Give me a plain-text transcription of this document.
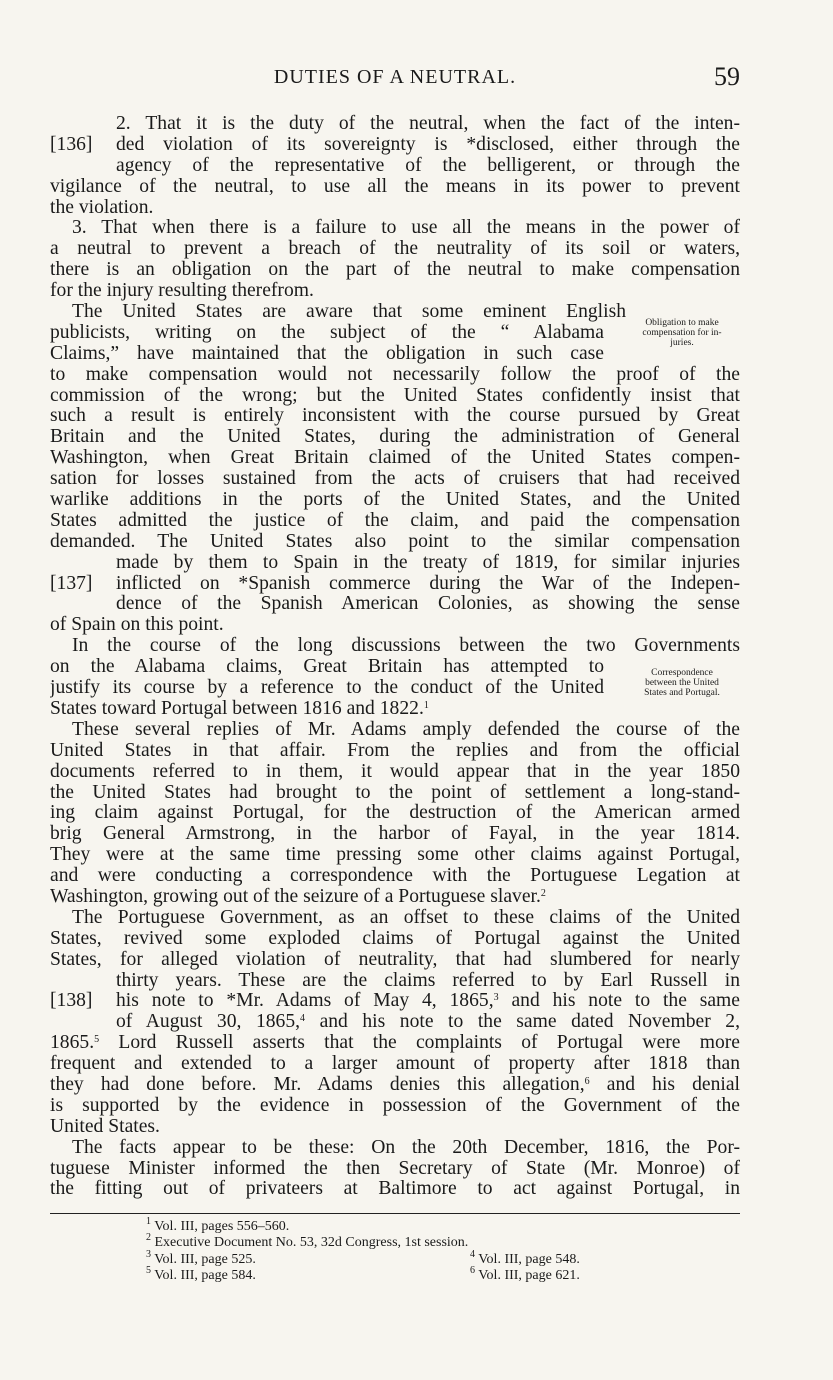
DUTIES OF A NEUTRAL.	59
2. That it is the duty of the neutral, when the fact of the inten-
[136]	ded violation of its sovereignty is *disclosed, either through the
agency of the representative of the belligerent, or through the
vigilance of the neutral, to use all the means in its power to prevent
the violation.
3. That when there is a failure to use all the means in the power of
a neutral to prevent a breach of the neutrality of its soil or waters,
there is an obligation on the part of the neutral to make compensation
for the injury resulting therefrom.
The United States are aware that some eminent English
publicists, writing on the subject of the “ Alabama
Claims,” have maintained that the obligation in such case
to make compensation would not necessarily follow the proof of the
commission of the wrong; but the United States confidently insist that
such a result is entirely inconsistent with the course pursued by Great
Britain and the United States, during the administration of General
Washington, when Great Britain claimed of the United States compen-
sation for losses sustained from the acts of cruisers that had received
warlike additions in the ports of the United States, and the United
States admitted the justice of the claim, and paid the compensation
demanded. The United States also point to the similar compensation
made by them to Spain in the treaty of 1819, for similar injuries
[137]	inflicted on *Spanish commerce during the War of the Indepen-
dence of the Spanish American Colonies, as showing the sense
of Spain on this point.
In the course of the long discussions between the two Governments
on the Alabama claims, Great Britain has attempted to
justify its course by a reference to the conduct of the United
States toward Portugal between 1816 and 1822.$^1$
These several replies of Mr. Adams amply defended the course of the
United States in that affair. From the replies and from the official
documents referred to in them, it would appear that in the year 1850
the United States had brought to the point of settlement a long-stand-
ing claim against Portugal, for the destruction of the American armed
brig General Armstrong, in the harbor of Fayal, in the year 1814.
They were at the same time pressing some other claims against Portugal,
and were conducting a correspondence with the Portuguese Legation at
Washington, growing out of the seizure of a Portuguese slaver.$^2$
The Portuguese Government, as an offset to these claims of the United
States, revived some exploded claims of Portugal against the United
States, for alleged violation of neutrality, that had slumbered for nearly
thirty years. These are the claims referred to by Earl Russell in
[138]	his note to *Mr. Adams of May 4, 1865,$^3$ and his note to the same
of August 30, 1865,$^4$ and his note to the same dated November 2,
1865.$^5$ Lord Russell asserts that the complaints of Portugal were more
frequent and extended to a larger amount of property after 1818 than
they had done before. Mr. Adams denies this allegation,$^6$ and his denial
is supported by the evidence in possession of the Government of the
United States.
The facts appear to be these: On the 20th December, 1816, the Por-
tuguese Minister informed the then Secretary of State (Mr. Monroe) of
the fitting out of privateers at Baltimore to act against Portugal, in
Obligation to make
compensation for in-
juries.
Correspondence
between the United
States and Portugal.
$^1$ Vol. III, pages 556–560.
$^2$ Executive Document No. 53, 32d Congress, 1st session.
$^3$ Vol. III, page 525.	$^4$ Vol. III, page 548.
$^5$ Vol. III, page 584.	$^6$ Vol. III, page 621.
